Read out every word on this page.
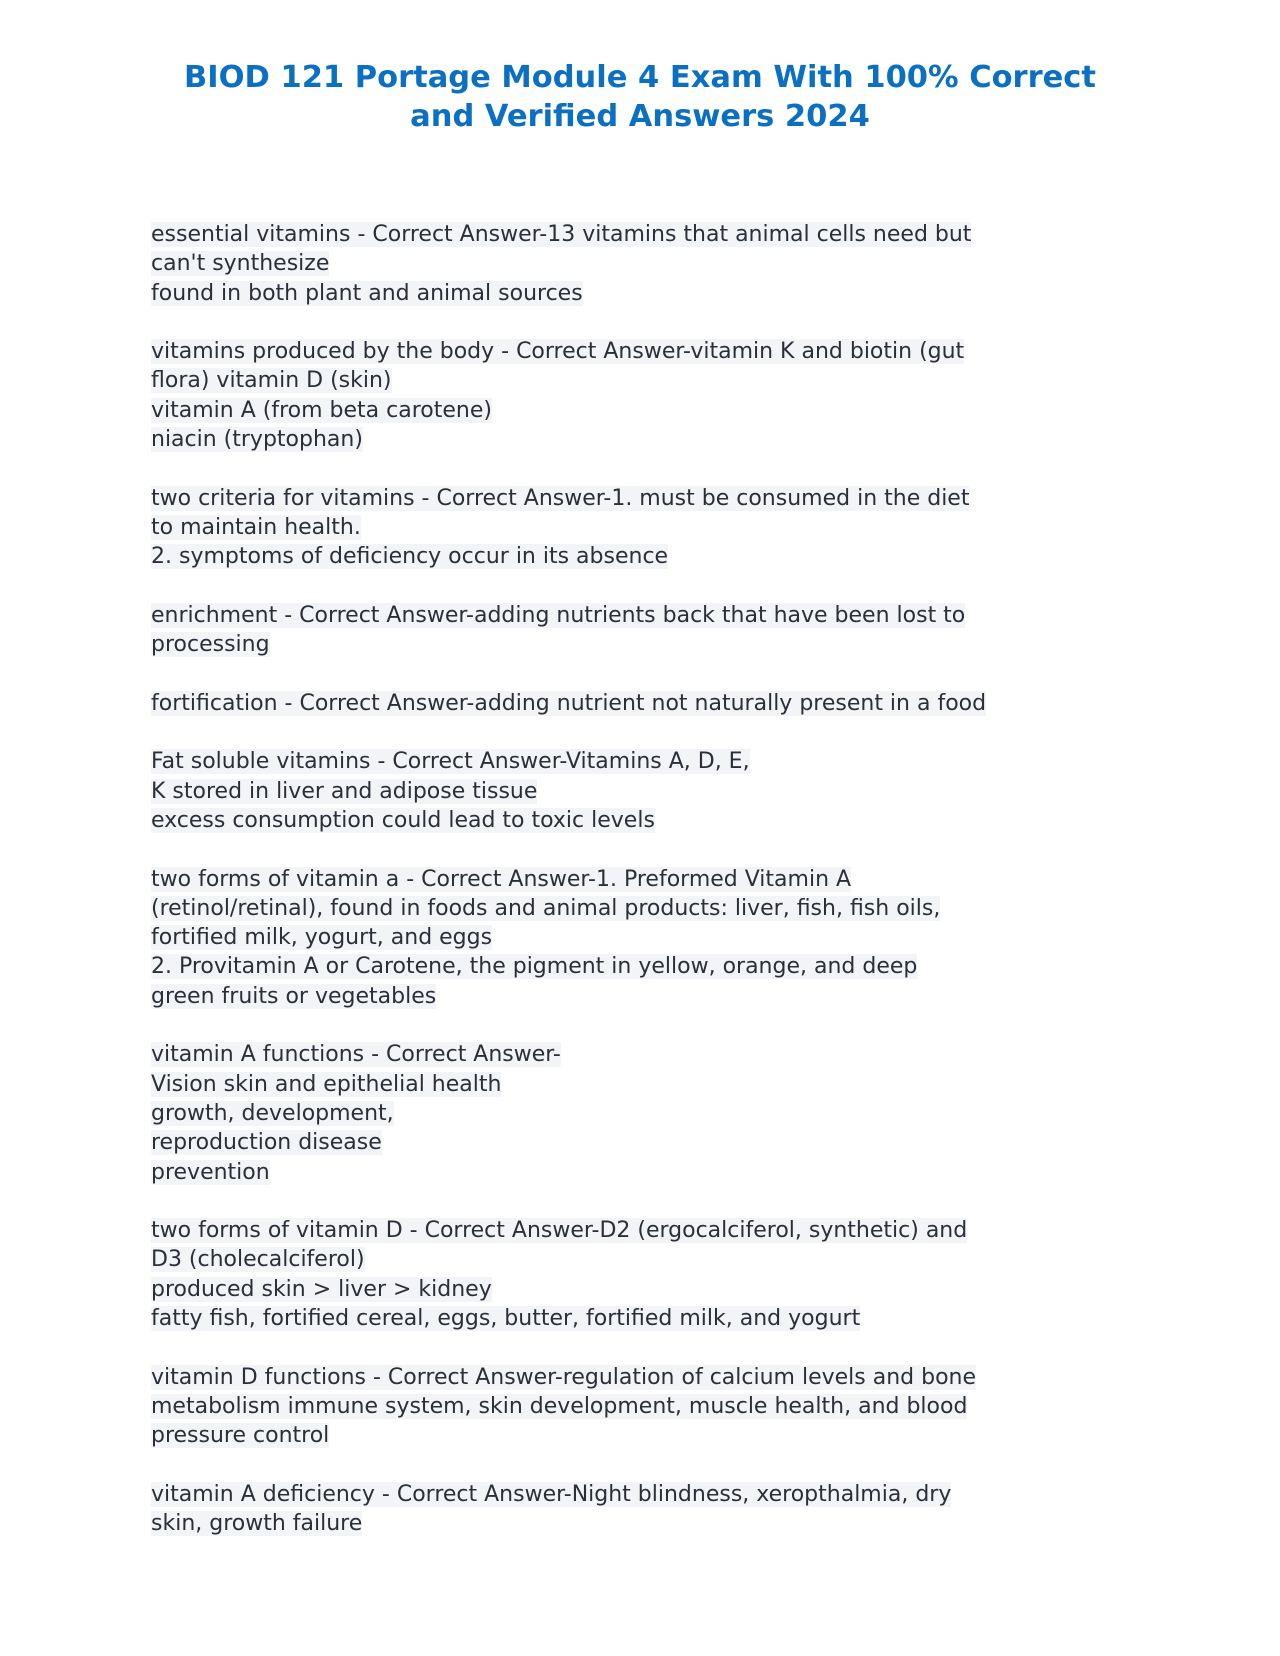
BIOD 121 Portage Module 4 Exam With 100% Correct
and Verified Answers 2024
essential vitamins - Correct Answer-13 vitamins that animal cells need but
can't synthesize
found in both plant and animal sources
vitamins produced by the body - Correct Answer-vitamin K and biotin (gut
flora) vitamin D (skin)
vitamin A (from beta carotene)
niacin (tryptophan)
two criteria for vitamins - Correct Answer-1. must be consumed in the diet
to maintain health.
2. symptoms of deficiency occur in its absence
enrichment - Correct Answer-adding nutrients back that have been lost to
processing
fortification - Correct Answer-adding nutrient not naturally present in a food
Fat soluble vitamins - Correct Answer-Vitamins A, D, E,
K stored in liver and adipose tissue
excess consumption could lead to toxic levels
two forms of vitamin a - Correct Answer-1. Preformed Vitamin A
(retinol/retinal), found in foods and animal products: liver, fish, fish oils,
fortified milk, yogurt, and eggs
2. Provitamin A or Carotene, the pigment in yellow, orange, and deep
green fruits or vegetables
vitamin A functions - Correct Answer-
Vision skin and epithelial health
growth, development,
reproduction disease
prevention
two forms of vitamin D - Correct Answer-D2 (ergocalciferol, synthetic) and
D3 (cholecalciferol)
produced skin > liver > kidney
fatty fish, fortified cereal, eggs, butter, fortified milk, and yogurt
vitamin D functions - Correct Answer-regulation of calcium levels and bone
metabolism immune system, skin development, muscle health, and blood
pressure control
vitamin A deficiency - Correct Answer-Night blindness, xeropthalmia, dry
skin, growth failure
